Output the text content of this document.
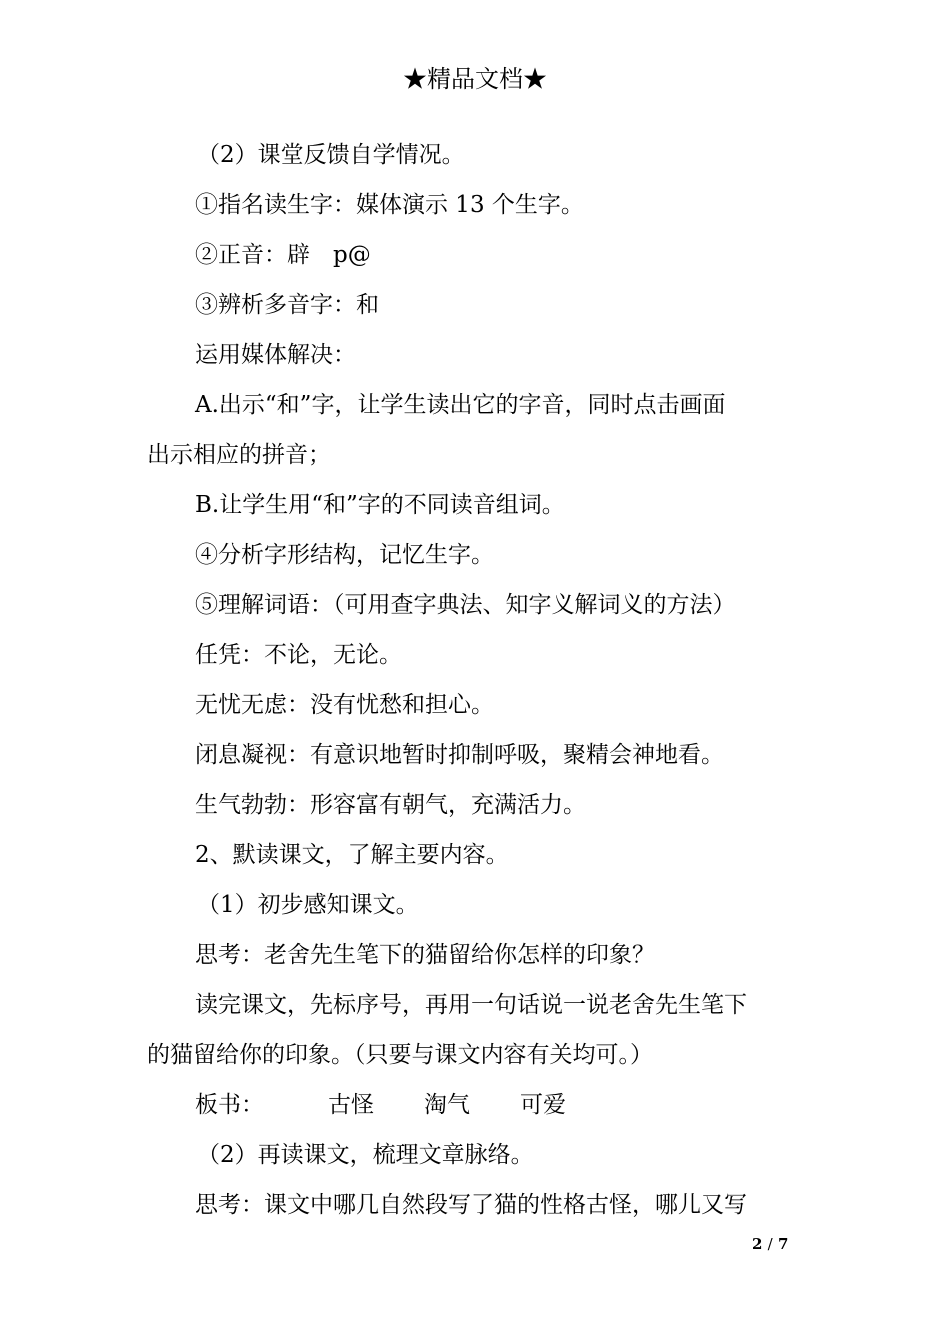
★精品文档★
（2）课堂反馈自学情况。
①指名读生字：媒体演示 13 个生字。
②正音：辟　p@
③辨析多音字：和
运用媒体解决：
A.出示“和”字，让学生读出它的字音，同时点击画面
出示相应的拼音；
B.让学生用“和”字的不同读音组词。
④分析字形结构，记忆生字。
⑤理解词语：（可用查字典法、知字义解词义的方法）
任凭：不论，无论。
无忧无虑：没有忧愁和担心。
闭息凝视：有意识地暂时抑制呼吸，聚精会神地看。
生气勃勃：形容富有朝气，充满活力。
2、默读课文，了解主要内容。
（1）初步感知课文。
思考：老舍先生笔下的猫留给你怎样的印象？
读完课文，先标序号，再用一句话说一说老舍先生笔下
的猫留给你的印象。（只要与课文内容有关均可。）
板书：	古怪 淘气 可爱
（2）再读课文，梳理文章脉络。
思考：课文中哪几自然段写了猫的性格古怪，哪儿又写
2 / 7
